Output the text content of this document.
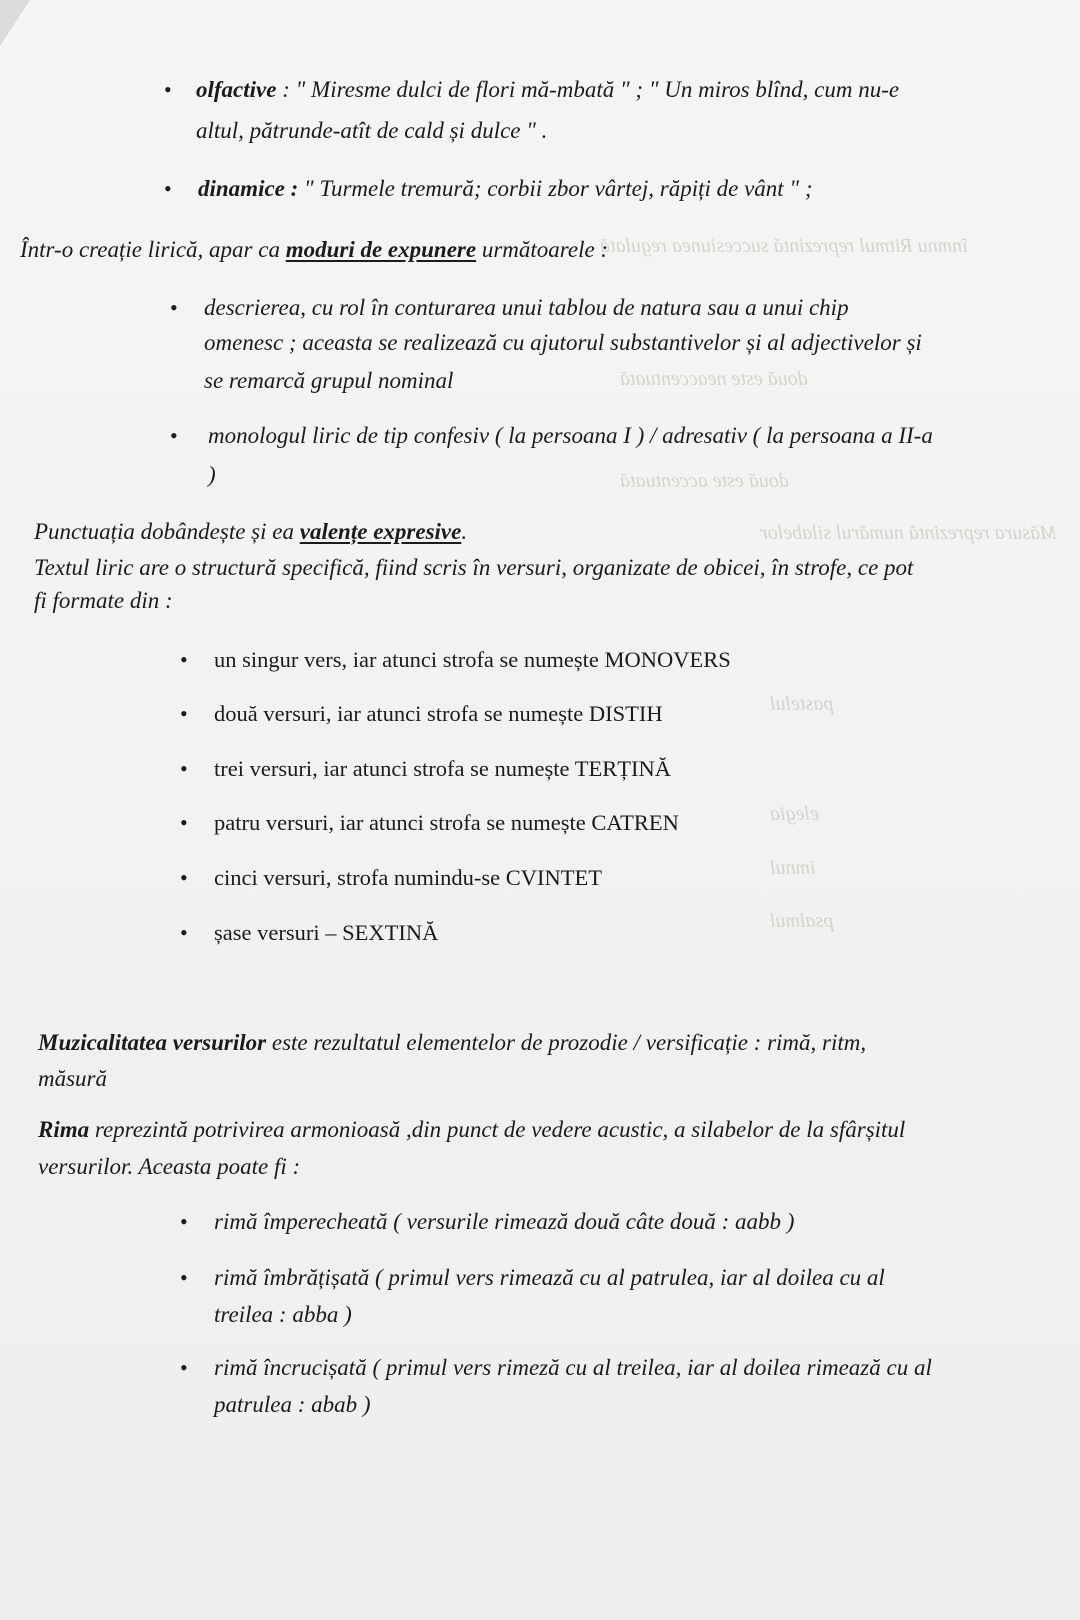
ȋnmnu Ritmul reprezintă succesiunea regulată
două este neaccentuată
două este accentuată
Măsura reprezintă numărul silabelor
pastelul
elegia
imnul
psalmul
• olfactive : " Miresme dulci de flori mă-mbată " ; " Un miros blînd, cum nu-e
altul, pătrunde-atît de cald și dulce " .
• dinamice : " Turmele tremură; corbii zbor vârtej, răpiți de vânt " ;
Într-o creație lirică, apar ca moduri de expunere următoarele :
• descrierea, cu rol în conturarea unui tablou de natura sau a unui chip
omenesc ; aceasta se realizează cu ajutorul substantivelor și al adjectivelor și
se remarcă grupul nominal
• monologul liric de tip confesiv ( la persoana I ) / adresativ ( la persoana a II-a
)
Punctuația dobândește și ea valențe expresive.
Textul liric are o structură specifică, fiind scris în versuri, organizate de obicei, în strofe, ce pot
fi formate din :
• un singur vers, iar atunci strofa se numește MONOVERS
• două versuri, iar atunci strofa se numește DISTIH
• trei versuri, iar atunci strofa se numește TERȚINĂ
• patru versuri, iar atunci strofa se numește CATREN
• cinci versuri, strofa numindu-se CVINTET
• șase versuri – SEXTINĂ
Muzicalitatea versurilor este rezultatul elementelor de prozodie / versificație : rimă, ritm,
măsură
Rima reprezintă potrivirea armonioasă ,din punct de vedere acustic, a silabelor de la sfârșitul
versurilor. Aceasta poate fi :
• rimă împerecheată ( versurile rimează două câte două : aabb )
• rimă îmbrățișată ( primul vers rimează cu al patrulea, iar al doilea cu al
treilea : abba )
• rimă încrucișată ( primul vers rimeză cu al treilea, iar al doilea rimează cu al
patrulea : abab )
